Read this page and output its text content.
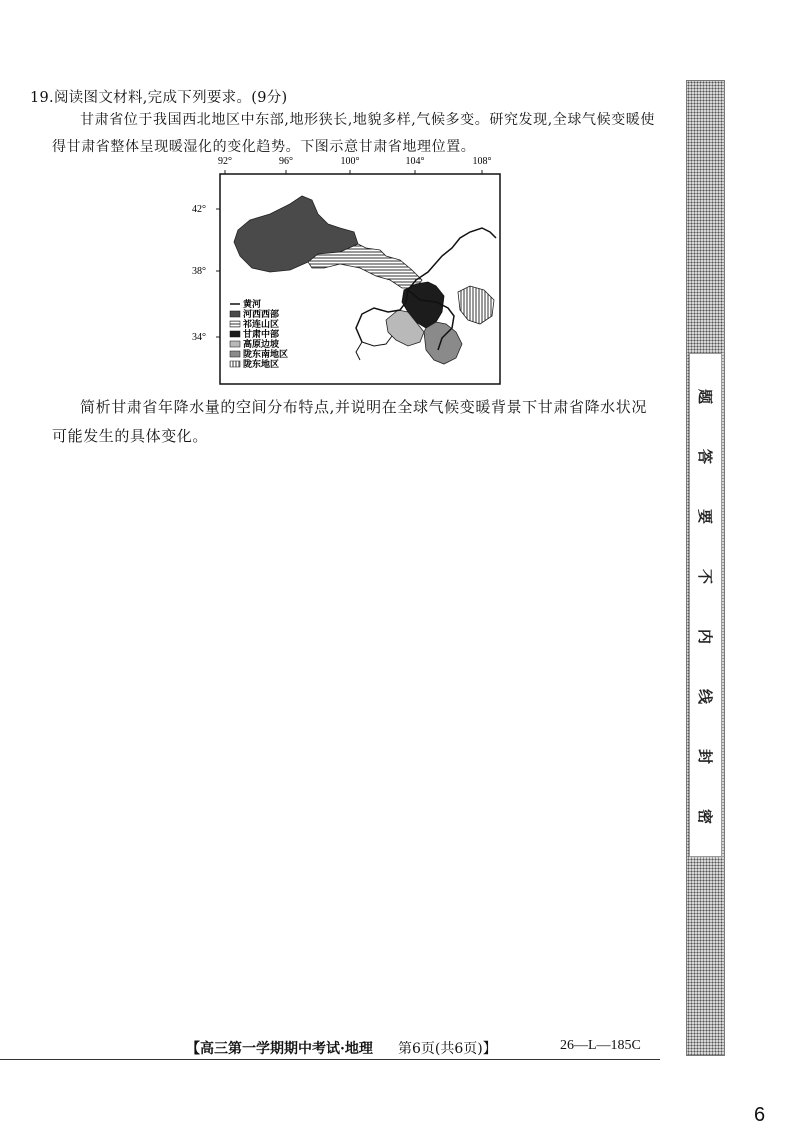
19.阅读图文材料,完成下列要求。(9分)
甘肃省位于我国西北地区中东部,地形狭长,地貌多样,气候多变。研究发现,全球气候变暖使得甘肃省整体呈现暖湿化的变化趋势。下图示意甘肃省地理位置。
92°	96°	100°	104°	108°
42°
38°
34°
黄河
河西西部
祁连山区
甘肃中部
高原边坡
陇东南地区
陇东地区
简析甘肃省年降水量的空间分布特点,并说明在全球气候变暖背景下甘肃省降水状况可能发生的具体变化。
密
封
线
内
不
要
答
题
【高三第一学期期中考试·地理 第6页(共6页)】	26—L—185C
6
